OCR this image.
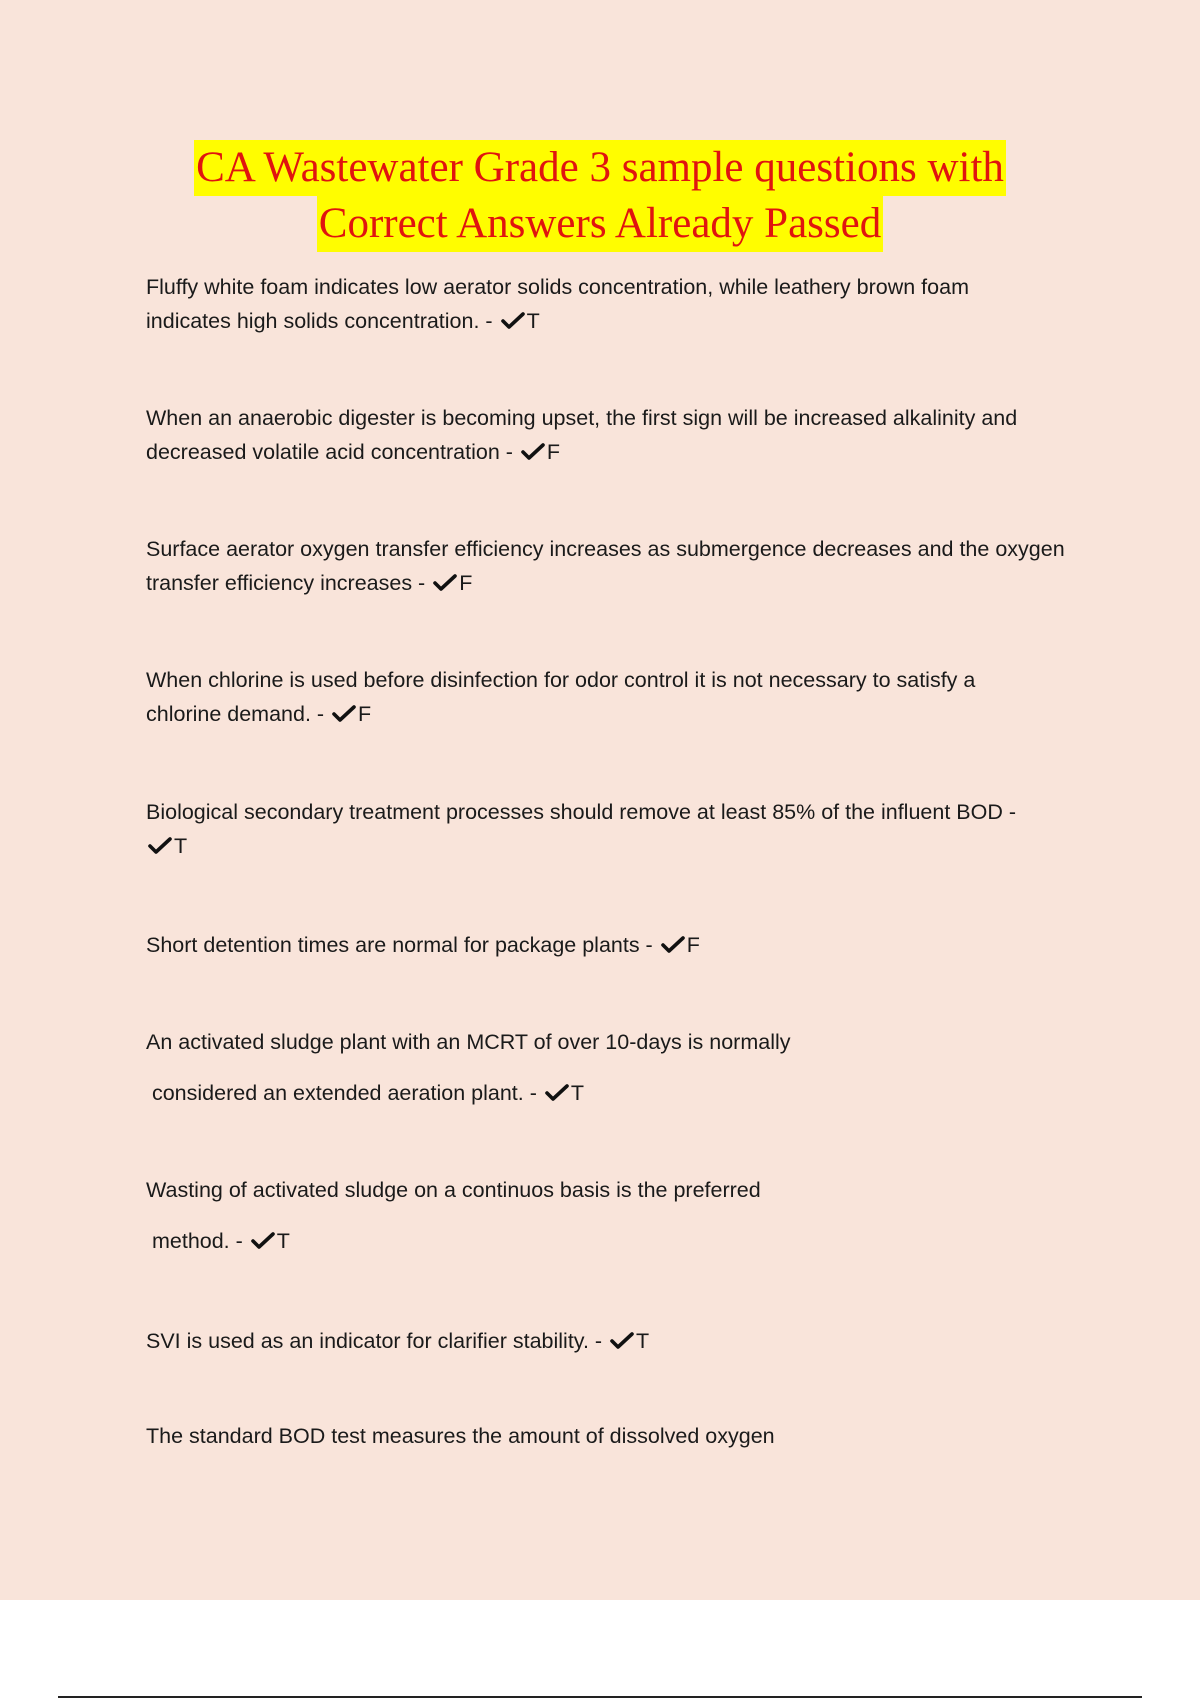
CA Wastewater Grade 3 sample questions with
Correct Answers Already Passed
Fluffy white foam indicates low aerator solids concentration, while leathery brown foam
indicates high solids concentration. -
T
When an anaerobic digester is becoming upset, the first sign will be increased alkalinity and
decreased volatile acid concentration -
F
Surface aerator oxygen transfer efficiency increases as submergence decreases and the oxygen
transfer efficiency increases -
F
When chlorine is used before disinfection for odor control it is not necessary to satisfy a
chlorine demand. -
F
Biological secondary treatment processes should remove at least 85% of the influent BOD -
T
Short detention times are normal for package plants -
F
An activated sludge plant with an MCRT of over 10-days is normally
considered an extended aeration plant. -
T
Wasting of activated sludge on a continuos basis is the preferred
method. -
T
SVI is used as an indicator for clarifier stability. -
T
The standard BOD test measures the amount of dissolved oxygen
